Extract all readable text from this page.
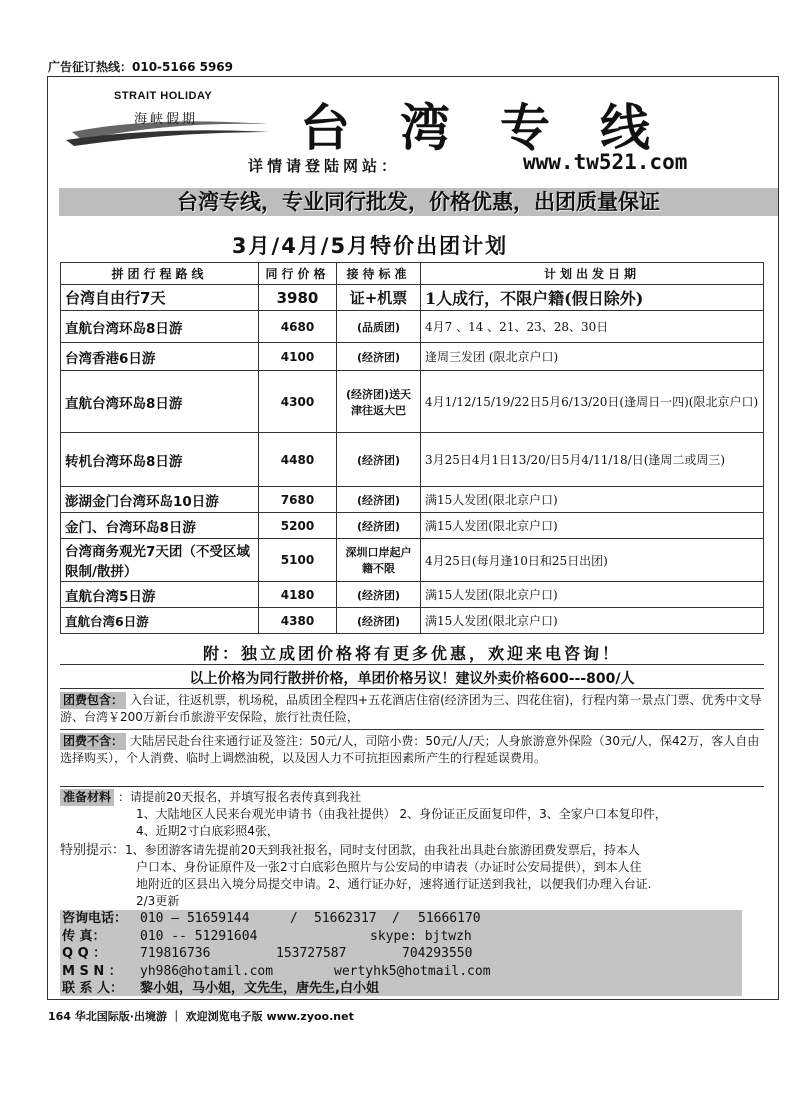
广告征订热线：010-5166 5969
STRAIT HOLIDAY
海峡假期 台湾专线
详情请登陆网站：	www.tw521.com
台湾专线，专业同行批发，价格优惠，出团质量保证
3月/4月/5月特价出团计划
拼团行程路线	同行价格	接待标准	计划出发日期
台湾自由行7天	3980	证+机票	1人成行，不限户籍(假日除外)
直航台湾环岛8日游	4680	(品质团)	4月7 、14 、21、23、28、30日
台湾香港6日游	4100	(经济团)	逢周三发团 (限北京户口)
直航台湾环岛8日游	4300	(经济团)送天津往返大巴	4月1/12/15/19/22日5月6/13/20日(逢周日一四)(限北京户口)
转机台湾环岛8日游	4480	(经济团)	3月25日4月1日13/20/日5月4/11/18/日(逢周二或周三)
澎湖金门台湾环岛10日游	7680	(经济团)	满15人发团(限北京户口)
金门、台湾环岛8日游	5200	(经济团)	满15人发团(限北京户口)
台湾商务观光7天团（不受区域限制/散拼）	5100	深圳口岸起户籍不限	4月25日(每月逢10日和25日出团)
直航台湾5日游	4180	(经济团)	满15人发团(限北京户口)
直航台湾6日游	4380	(经济团)	满15人发团(限北京户口)
附：独立成团价格将有更多优惠，欢迎来电咨询！
以上价格为同行散拼价格，单团价格另议！建议外卖价格600---800/人

团费包含： 入台证，往返机票，机场税，品质团全程四+五花酒店住宿(经济团为三、四花住宿)，行程内第一景点门票、优秀中文导游、台湾￥200万新台币旅游平安保险，旅行社责任险，

团费不含： 大陆居民赴台往来通行证及签注：50元/人，司陪小费：50元/人/天；人身旅游意外保险（30元/人，保42万，客人自由选择购买），个人消费、临时上调燃油税，以及因人力不可抗拒因素所产生的行程延误费用。

准备材料 ：请提前20天报名，并填写报名表传真到我社

1、大陆地区人民来台观光申请书（由我社提供） 2、身份证正反面复印件，3、全家户口本复印件，

4、近期2寸白底彩照4张，

特别提示：1、参团游客请先提前20天到我社报名，同时支付团款，由我社出具赴台旅游团费发票后，持本人

户口本、身份证原件及一张2寸白底彩色照片与公安局的申请表（办证时公安局提供），到本人住

地附近的区县出入境分局提交申请。2、通行证办好，速将通行证送到我社，以便我们办理入台证.

2/3更新

咨询电话： 010 — 51659144	/ 51662317 / 51666170
传 真：	010 -- 51291604	skype: bjtwzh
Q Q ：	719816736	153727587	704293550
M S N ： yh986@hotamil.com	wertyhk5@hotmail.com
联 系 人： 黎小姐，马小姐，文先生，唐先生,白小姐
164 华北国际版·出境游 ｜ 欢迎浏览电子版 www.zyoo.net
